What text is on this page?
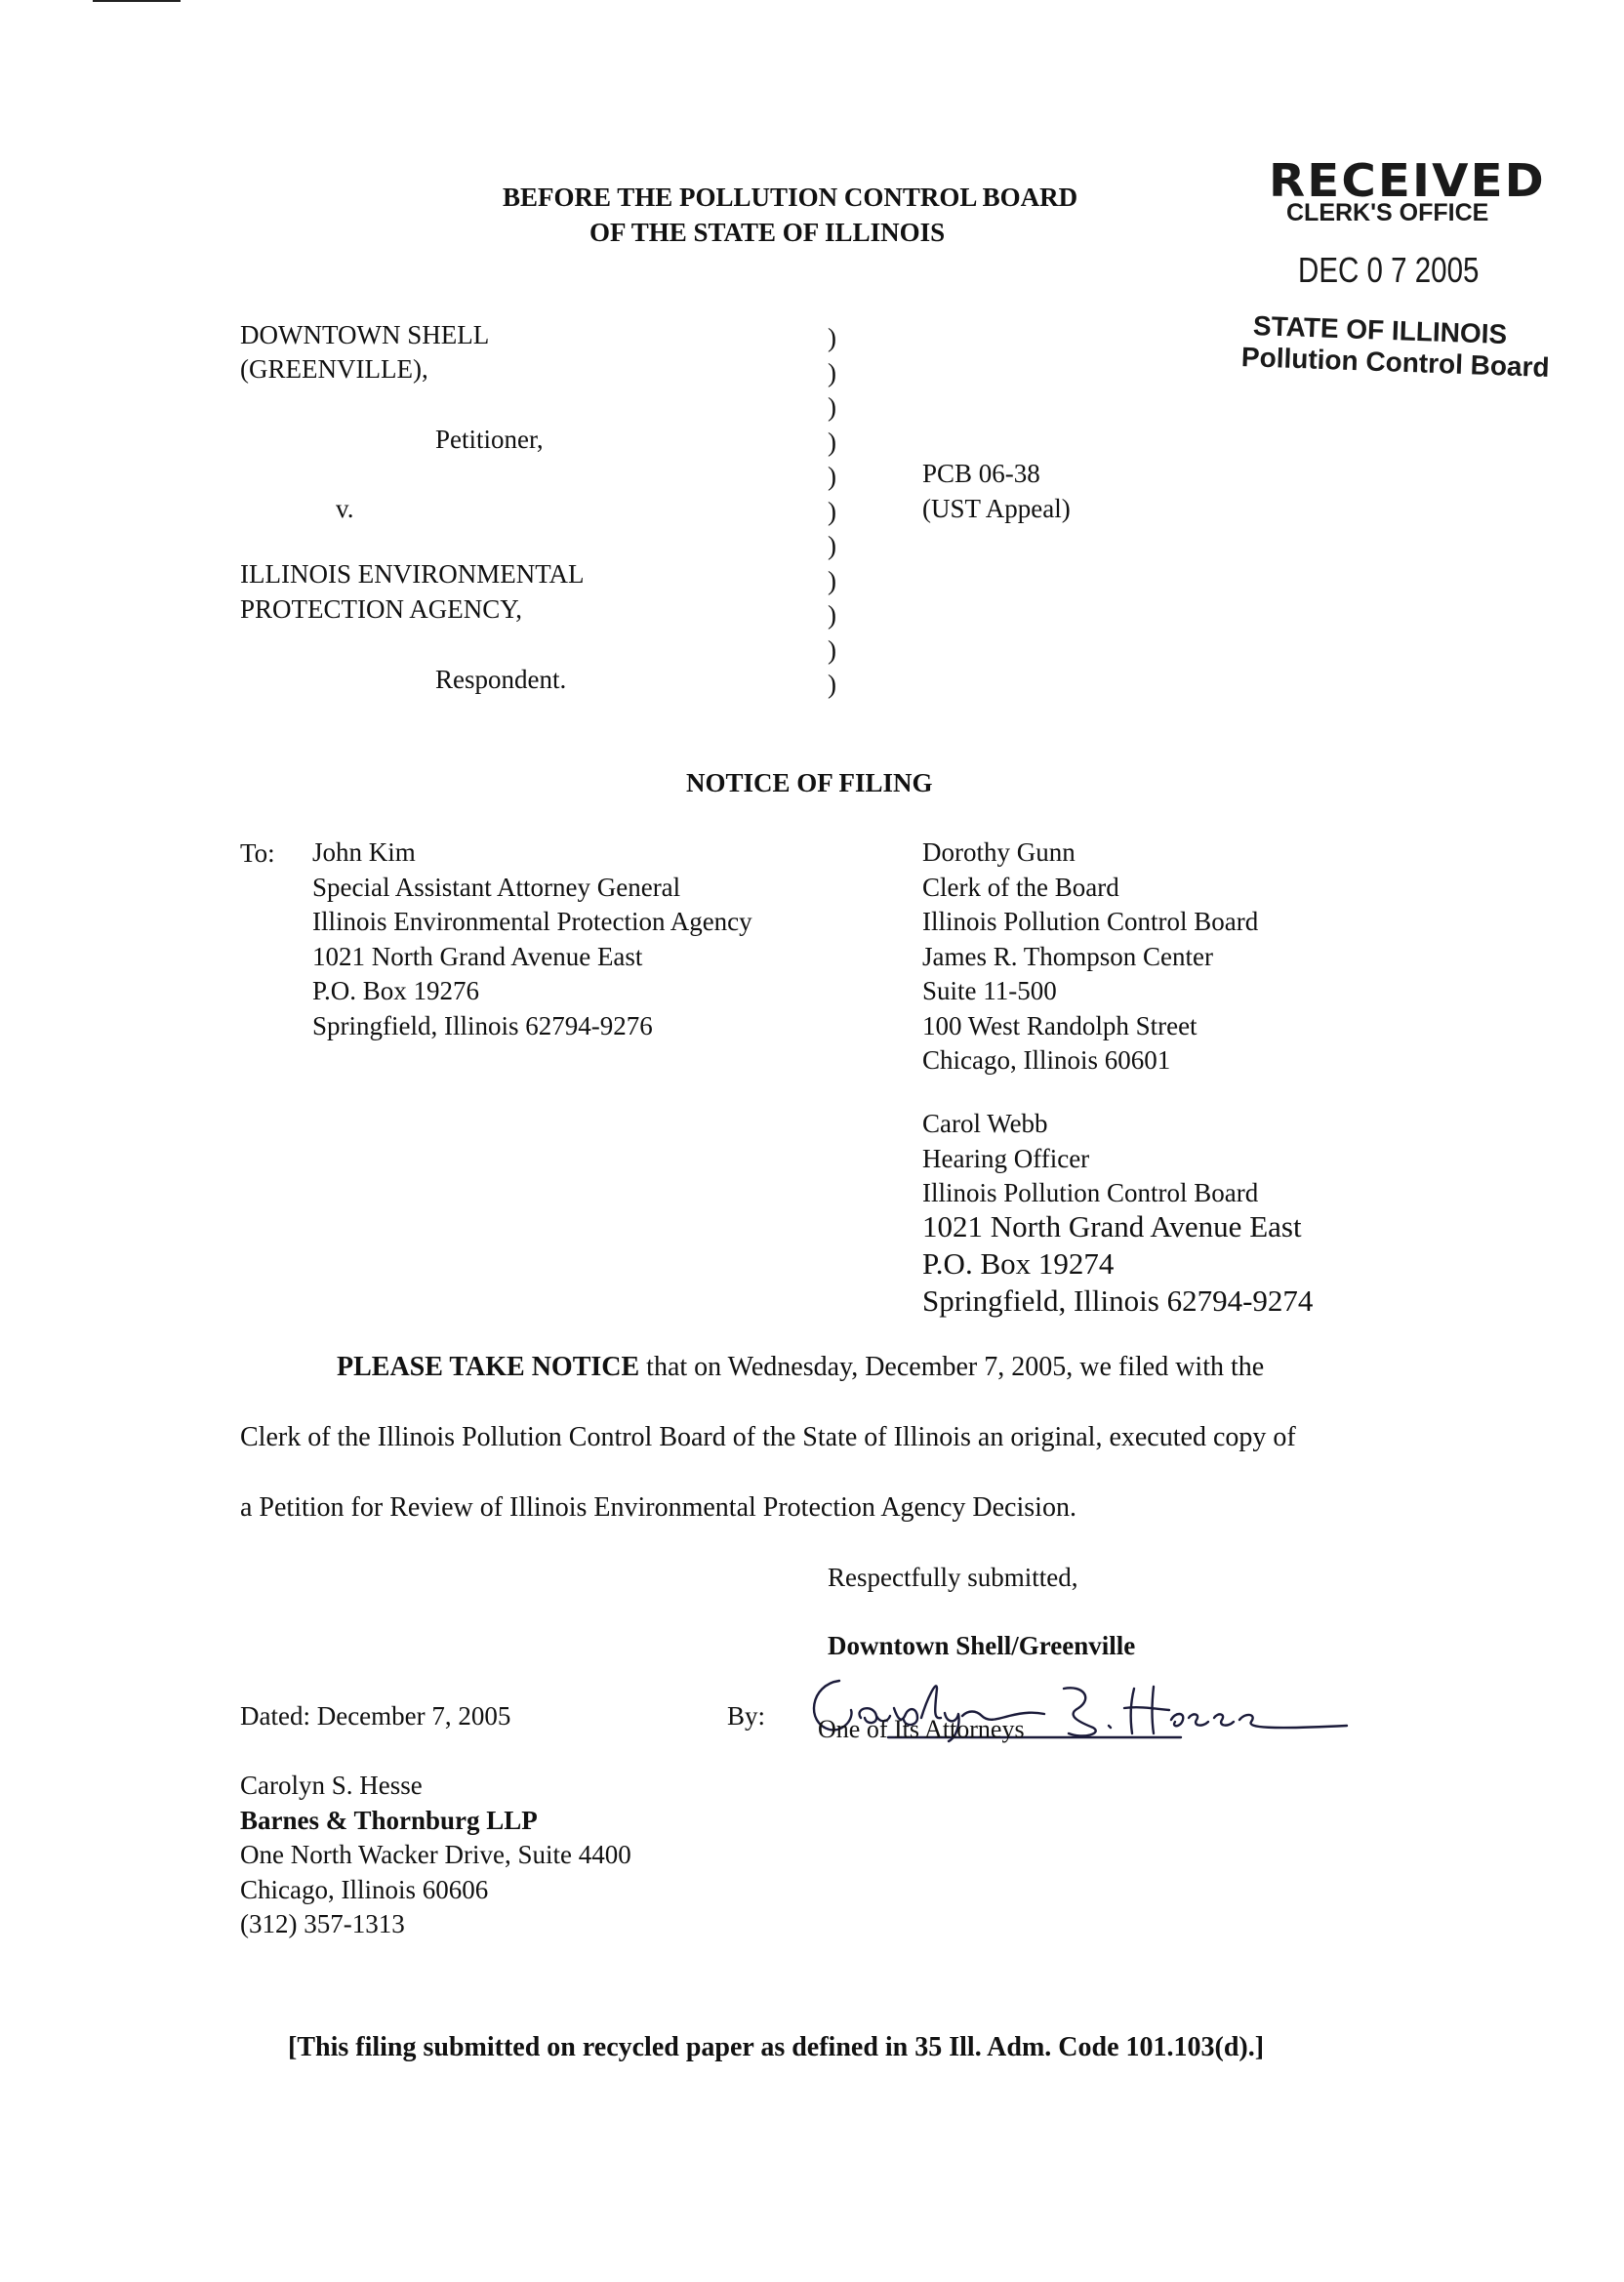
BEFORE THE POLLUTION CONTROL BOARD
OF THE STATE OF ILLINOIS
RECEIVED
CLERK'S OFFICE
DEC 0 7 2005
STATE OF ILLINOIS
Pollution Control Board
DOWNTOWN SHELL
(GREENVILLE),
Petitioner,
v.
ILLINOIS ENVIRONMENTAL
PROTECTION AGENCY,
Respondent.
)
)
)
)
)
)
)
)
)
)
)
PCB 06-38
(UST Appeal)
NOTICE OF FILING
To: John Kim
Special Assistant Attorney General
Illinois Environmental Protection Agency
1021 North Grand Avenue East
P.O. Box 19276
Springfield, Illinois 62794-9276
Dorothy Gunn
Clerk of the Board
Illinois Pollution Control Board
James R. Thompson Center
Suite 11-500
100 West Randolph Street
Chicago, Illinois 60601
Carol Webb
Hearing Officer
Illinois Pollution Control Board
1021 North Grand Avenue East
P.O. Box 19274
Springfield, Illinois 62794-9274
PLEASE TAKE NOTICE that on Wednesday, December 7, 2005, we filed with the
Clerk of the Illinois Pollution Control Board of the State of Illinois an original, executed copy of
a Petition for Review of Illinois Environmental Protection Agency Decision.
Respectfully submitted,
Downtown Shell/Greenville
Dated: December 7, 2005	By: One of Its Attorneys
Carolyn S. Hesse
Barnes & Thornburg LLP
One North Wacker Drive, Suite 4400
Chicago, Illinois 60606
(312) 357-1313
[This filing submitted on recycled paper as defined in 35 Ill. Adm. Code 101.103(d).]
